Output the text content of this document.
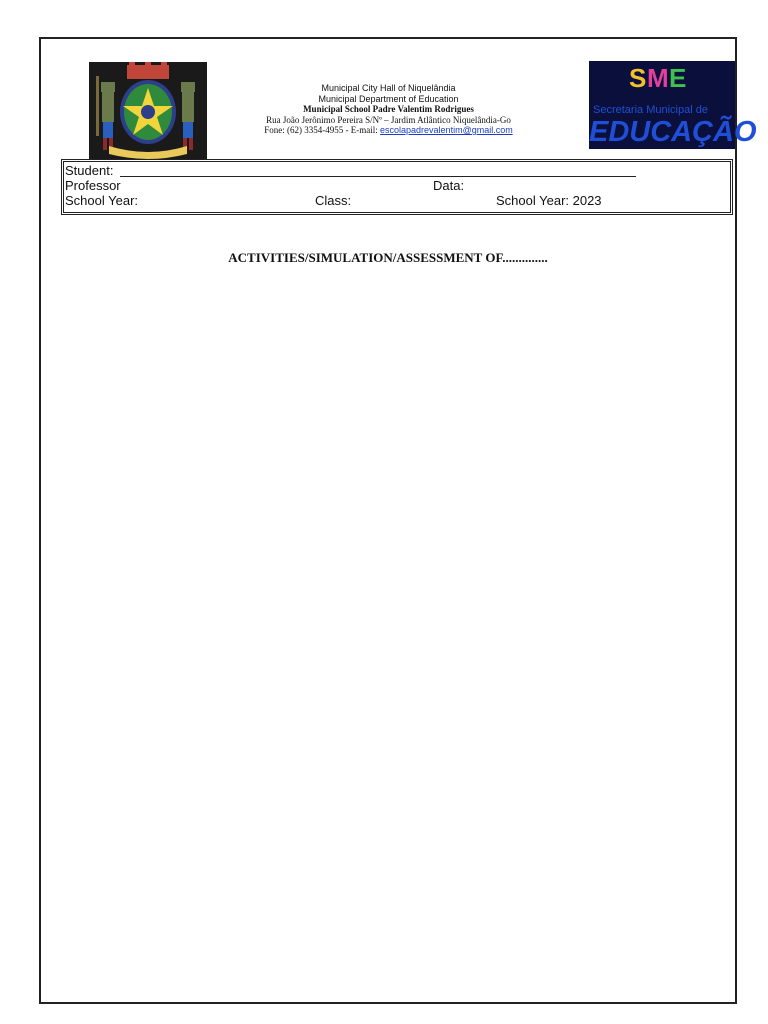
Municipal City Hall of Niquelândia
Municipal Department of Education
Municipal School Padre Valentim Rodrigues
Rua João Jerônimo Pereira S/Nº – Jardim Atlântico Niquelândia-Go
Fone: (62) 3354-4955 - E-mail: escolapadrevalentim@gmail.com
S M E
Secretaria Municipal de
EDUCAÇÃO
Student:
Professor	Data:
School Year:	Class:	School Year: 2023
ACTIVITIES/SIMULATION/ASSESSMENT OF..............
